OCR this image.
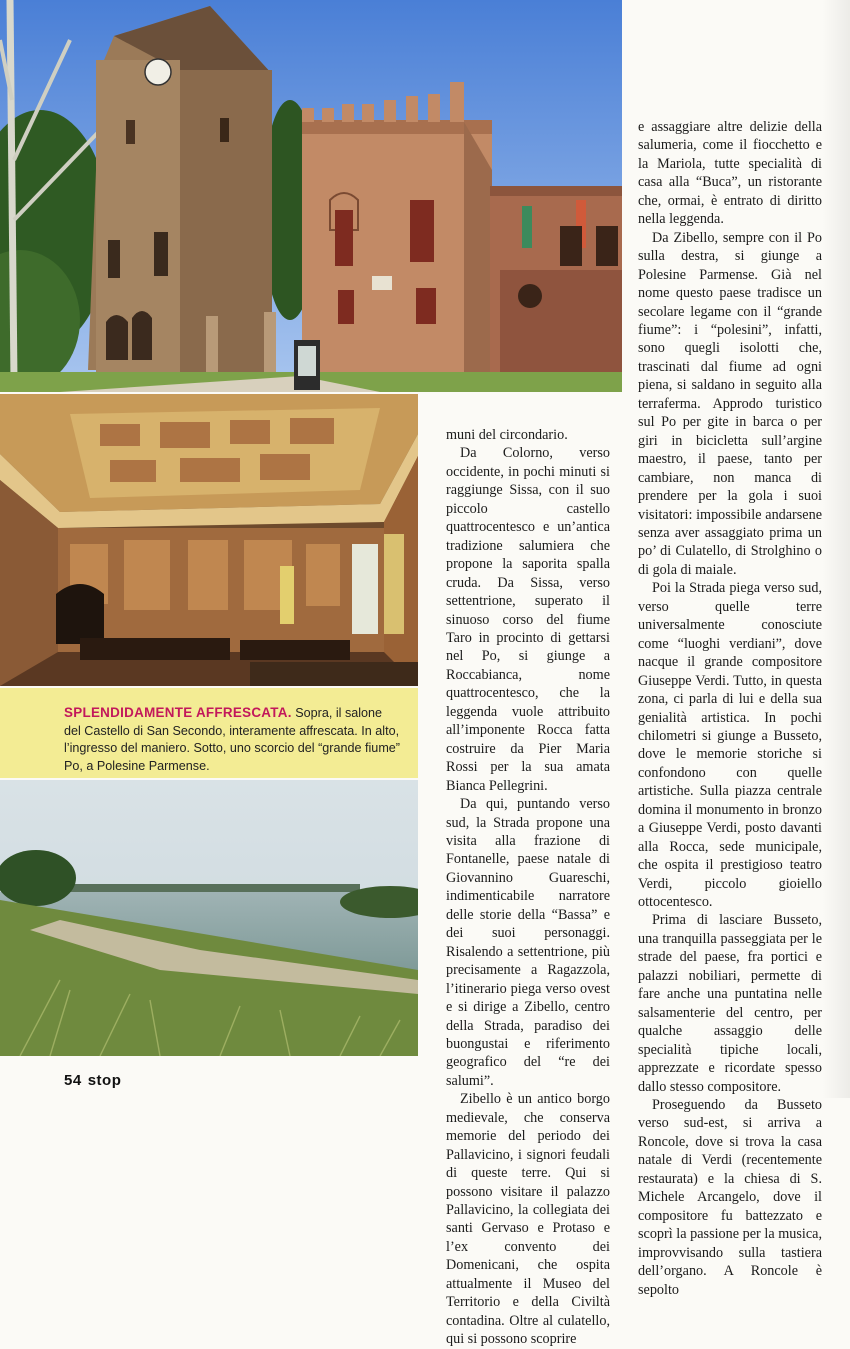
SPLENDIDAMENTE AFFRESCATA. Sopra, il salone del Castello di San Secondo, interamente affrescata. In alto, l’ingresso del maniero. Sotto, uno scorcio del “grande fiume” Po, a Polesine Parmense.

muni del circondario.

Da Colorno, verso occidente, in pochi minuti si raggiunge Sissa, con il suo piccolo castello quattrocentesco e un’antica tradizione salumiera che propone la saporita spalla cruda. Da Sissa, verso settentrione, superato il sinuoso corso del fiume Taro in procinto di gettarsi nel Po, si giunge a Roccabianca, nome quattrocentesco, che la leggenda vuole attribuito all’imponente Rocca fatta costruire da Pier Maria Rossi per la sua amata Bianca Pellegrini.

Da qui, puntando verso sud, la Strada propone una visita alla frazione di Fontanelle, paese natale di Giovannino Guareschi, indimenticabile narratore delle storie della “Bassa” e dei suoi personaggi. Risalendo a settentrione, più precisamente a Ragazzola, l’itinerario piega verso ovest e si dirige a Zibello, centro della Strada, paradiso dei buongustai e riferimento geografico del “re dei salumi”.

Zibello è un antico borgo medievale, che conserva memorie del periodo dei Pallavicino, i signori feudali di queste terre. Qui si possono visitare il palazzo Pallavicino, la collegiata dei santi Gervaso e Protaso e l’ex convento dei Domenicani, che ospita attualmente il Museo del Territorio e della Civiltà contadina. Oltre al culatello, qui si possono scoprire

e assaggiare altre delizie della salumeria, come il fiocchetto e la Mariola, tutte specialità di casa alla “Buca”, un ristorante che, ormai, è entrato di diritto nella leggenda.

Da Zibello, sempre con il Po sulla destra, si giunge a Polesine Parmense. Già nel nome questo paese tradisce un secolare legame con il “grande fiume”: i “polesini”, infatti, sono quegli isolotti che, trascinati dal fiume ad ogni piena, si saldano in seguito alla terraferma. Approdo turistico sul Po per gite in barca o per giri in bicicletta sull’argine maestro, il paese, tanto per cambiare, non manca di prendere per la gola i suoi visitatori: impossibile andarsene senza aver assaggiato prima un po’ di Culatello, di Strolghino o di gola di maiale.

Poi la Strada piega verso sud, verso quelle terre universalmente conosciute come “luoghi verdiani”, dove nacque il grande compositore Giuseppe Verdi. Tutto, in questa zona, ci parla di lui e della sua genialità artistica. In pochi chilometri si giunge a Busseto, dove le memorie storiche si confondono con quelle artistiche. Sulla piazza centrale domina il monumento in bronzo a Giuseppe Verdi, posto davanti alla Rocca, sede municipale, che ospita il prestigioso teatro Verdi, piccolo gioiello ottocentesco.

Prima di lasciare Busseto, una tranquilla passeggiata per le strade del paese, fra portici e palazzi nobiliari, permette di fare anche una puntatina nelle salsamenterie del centro, per qualche assaggio delle specialità tipiche locali, apprezzate e ricordate spesso dallo stesso compositore.

Proseguendo da Busseto verso sud-est, si arriva a Roncole, dove si trova la casa natale di Verdi (recentemente restaurata) e la chiesa di S. Michele Arcangelo, dove il compositore fu battezzato e scoprì la passione per la musica, improvvisando sulla tastiera dell’organo. A Roncole è sepolto

54 stop
